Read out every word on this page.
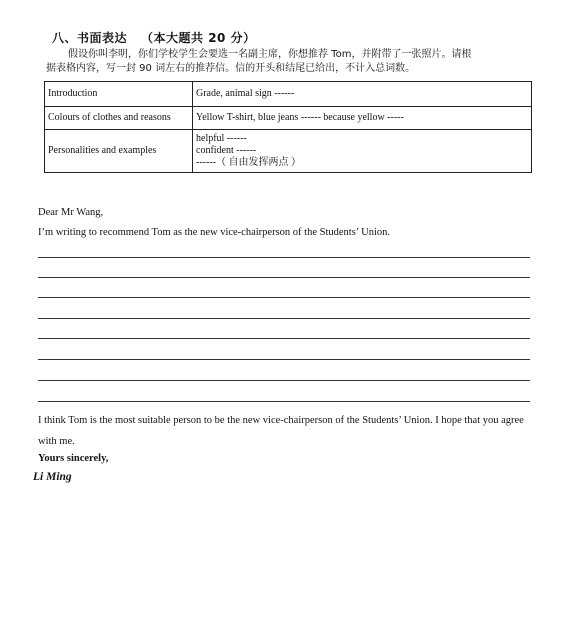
八、书面表达 （本大题共 20 分）
假设你叫李明，你们学校学生会要选一名副主席，你想推荐 Tom，并附带了一张照片。请根
据表格内容，写一封 90 词左右的推荐信。信的开头和结尾已给出，不计入总词数。
Introduction	Grade, animal sign ------
Colours of clothes and reasons	Yellow T-shirt, blue jeans ------ because yellow -----
Personalities and examples	helpful ------
confident ------
------（ 自由发挥两点 ）
Dear Mr Wang,
I’m writing to recommend Tom as the new vice-chairperson of the Students’ Union.
I think Tom is the most suitable person to be the new vice-chairperson of the Students’ Union. I hope that you agree with me.
Yours sincerely,
Li Ming
